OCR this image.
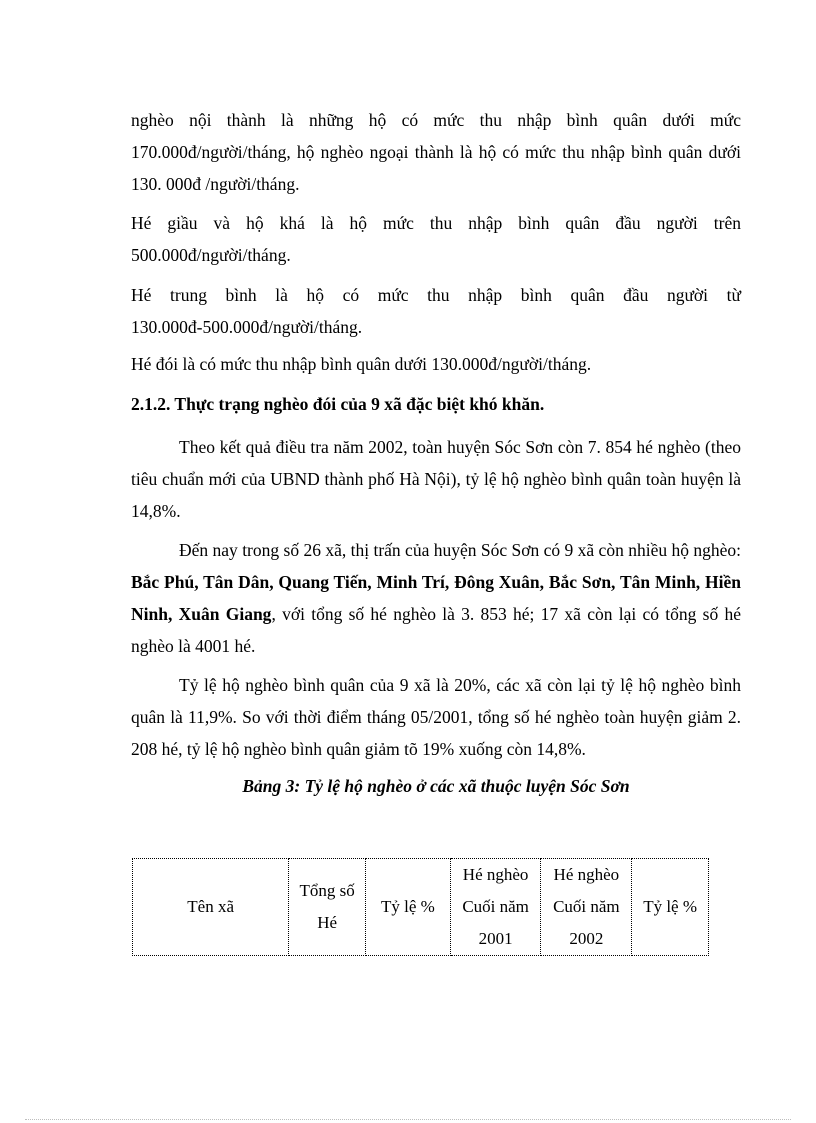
nghèo nội thành là những hộ có mức thu nhập bình quân dưới mức 170.000đ/người/tháng, hộ nghèo ngoại thành là hộ có mức thu nhập bình quân dưới 130. 000đ /người/tháng.

Hé giầu và hộ khá là hộ mức thu nhập bình quân đầu người trên 500.000đ/người/tháng.

Hé trung bình là hộ có mức thu nhập bình quân đầu người từ 130.000đ-500.000đ/người/tháng.

Hé đói là có mức thu nhập bình quân dưới 130.000đ/người/tháng.

2.1.2. Thực trạng nghèo đói của 9 xã đặc biệt khó khăn.

Theo kết quả điều tra năm 2002, toàn huyện Sóc Sơn còn 7. 854 hé nghèo (theo tiêu chuẩn mới của UBND thành phố Hà Nội), tỷ lệ hộ nghèo bình quân toàn huyện là 14,8%.

Đến nay trong số 26 xã, thị trấn của huyện Sóc Sơn có 9 xã còn nhiều hộ nghèo: Bắc Phú, Tân Dân, Quang Tiến, Minh Trí, Đông Xuân, Bắc Sơn, Tân Minh, Hiền Ninh, Xuân Giang, với tổng số hé nghèo là 3. 853 hé; 17 xã còn lại có tổng số hé nghèo là 4001 hé.

Tỷ lệ hộ nghèo bình quân của 9 xã là 20%, các xã còn lại tỷ lệ hộ nghèo bình quân là 11,9%. So với thời điểm tháng 05/2001, tổng số hé nghèo toàn huyện giảm 2. 208 hé, tỷ lệ hộ nghèo bình quân giảm tõ 19% xuống còn 14,8%.

Bảng 3: Tỷ lệ hộ nghèo ở các xã thuộc luyện Sóc Sơn

Tên xã	Tổng số Hé	Tỷ lệ %	Hé nghèo Cuối năm 2001	Hé nghèo Cuối năm 2002	Tỷ lệ %
